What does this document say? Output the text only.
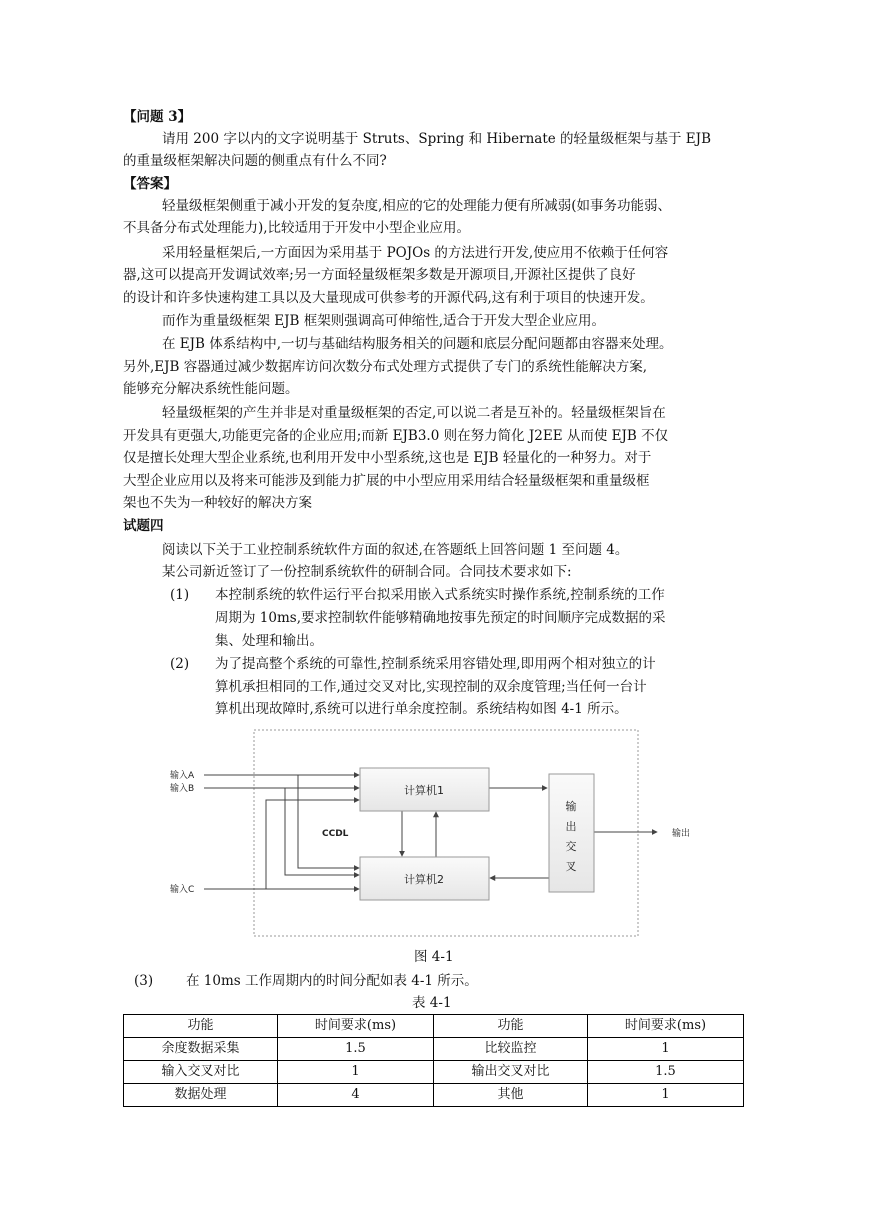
【问题 3】
请用 200 字以内的文字说明基于 Struts、Spring 和 Hibernate 的轻量级框架与基于 EJB
的重量级框架解决问题的侧重点有什么不同?
【答案】
轻量级框架侧重于减小开发的复杂度,相应的它的处理能力便有所减弱(如事务功能弱、
不具备分布式处理能力),比较适用于开发中小型企业应用。
采用轻量框架后,一方面因为采用基于 POJOs 的方法进行开发,使应用不依赖于任何容
器,这可以提高开发调试效率;另一方面轻量级框架多数是开源项目,开源社区提供了良好
的设计和许多快速构建工具以及大量现成可供参考的开源代码,这有利于项目的快速开发。
而作为重量级框架 EJB 框架则强调高可伸缩性,适合于开发大型企业应用。
在 EJB 体系结构中,一切与基础结构服务相关的问题和底层分配问题都由容器来处理。
另外,EJB 容器通过减少数据库访问次数分布式处理方式提供了专门的系统性能解决方案,
能够充分解决系统性能问题。
轻量级框架的产生并非是对重量级框架的否定,可以说二者是互补的。轻量级框架旨在
开发具有更强大,功能更完备的企业应用;而新 EJB3.0 则在努力简化 J2EE 从而使 EJB 不仅
仅是擅长处理大型企业系统,也利用开发中小型系统,这也是 EJB 轻量化的一种努力。对于
大型企业应用以及将来可能涉及到能力扩展的中小型应用采用结合轻量级框架和重量级框
架也不失为一种较好的解决方案
试题四
阅读以下关于工业控制系统软件方面的叙述,在答题纸上回答问题 1 至问题 4。
某公司新近签订了一份控制系统软件的研制合同。合同技术要求如下:
(1) 本控制系统的软件运行平台拟采用嵌入式系统实时操作系统,控制系统的工作
周期为 10ms,要求控制软件能够精确地按事先预定的时间顺序完成数据的采
集、处理和输出。
(2) 为了提高整个系统的可靠性,控制系统采用容错处理,即用两个相对独立的计
算机承担相同的工作,通过交叉对比,实现控制的双余度管理;当任何一台计
算机出现故障时,系统可以进行单余度控制。系统结构如图 4-1 所示。
输入A
输入B
输入C
计算机1
计算机2
CCDL
输
出
交
叉
输出
图 4-1
(3) 在 10ms 工作周期内的时间分配如表 4-1 所示。
表 4-1
功能	时间要求(ms)	功能	时间要求(ms)
余度数据采集	1.5	比较监控	1
输入交叉对比	1	输出交叉对比	1.5
数据处理	4	其他	1
